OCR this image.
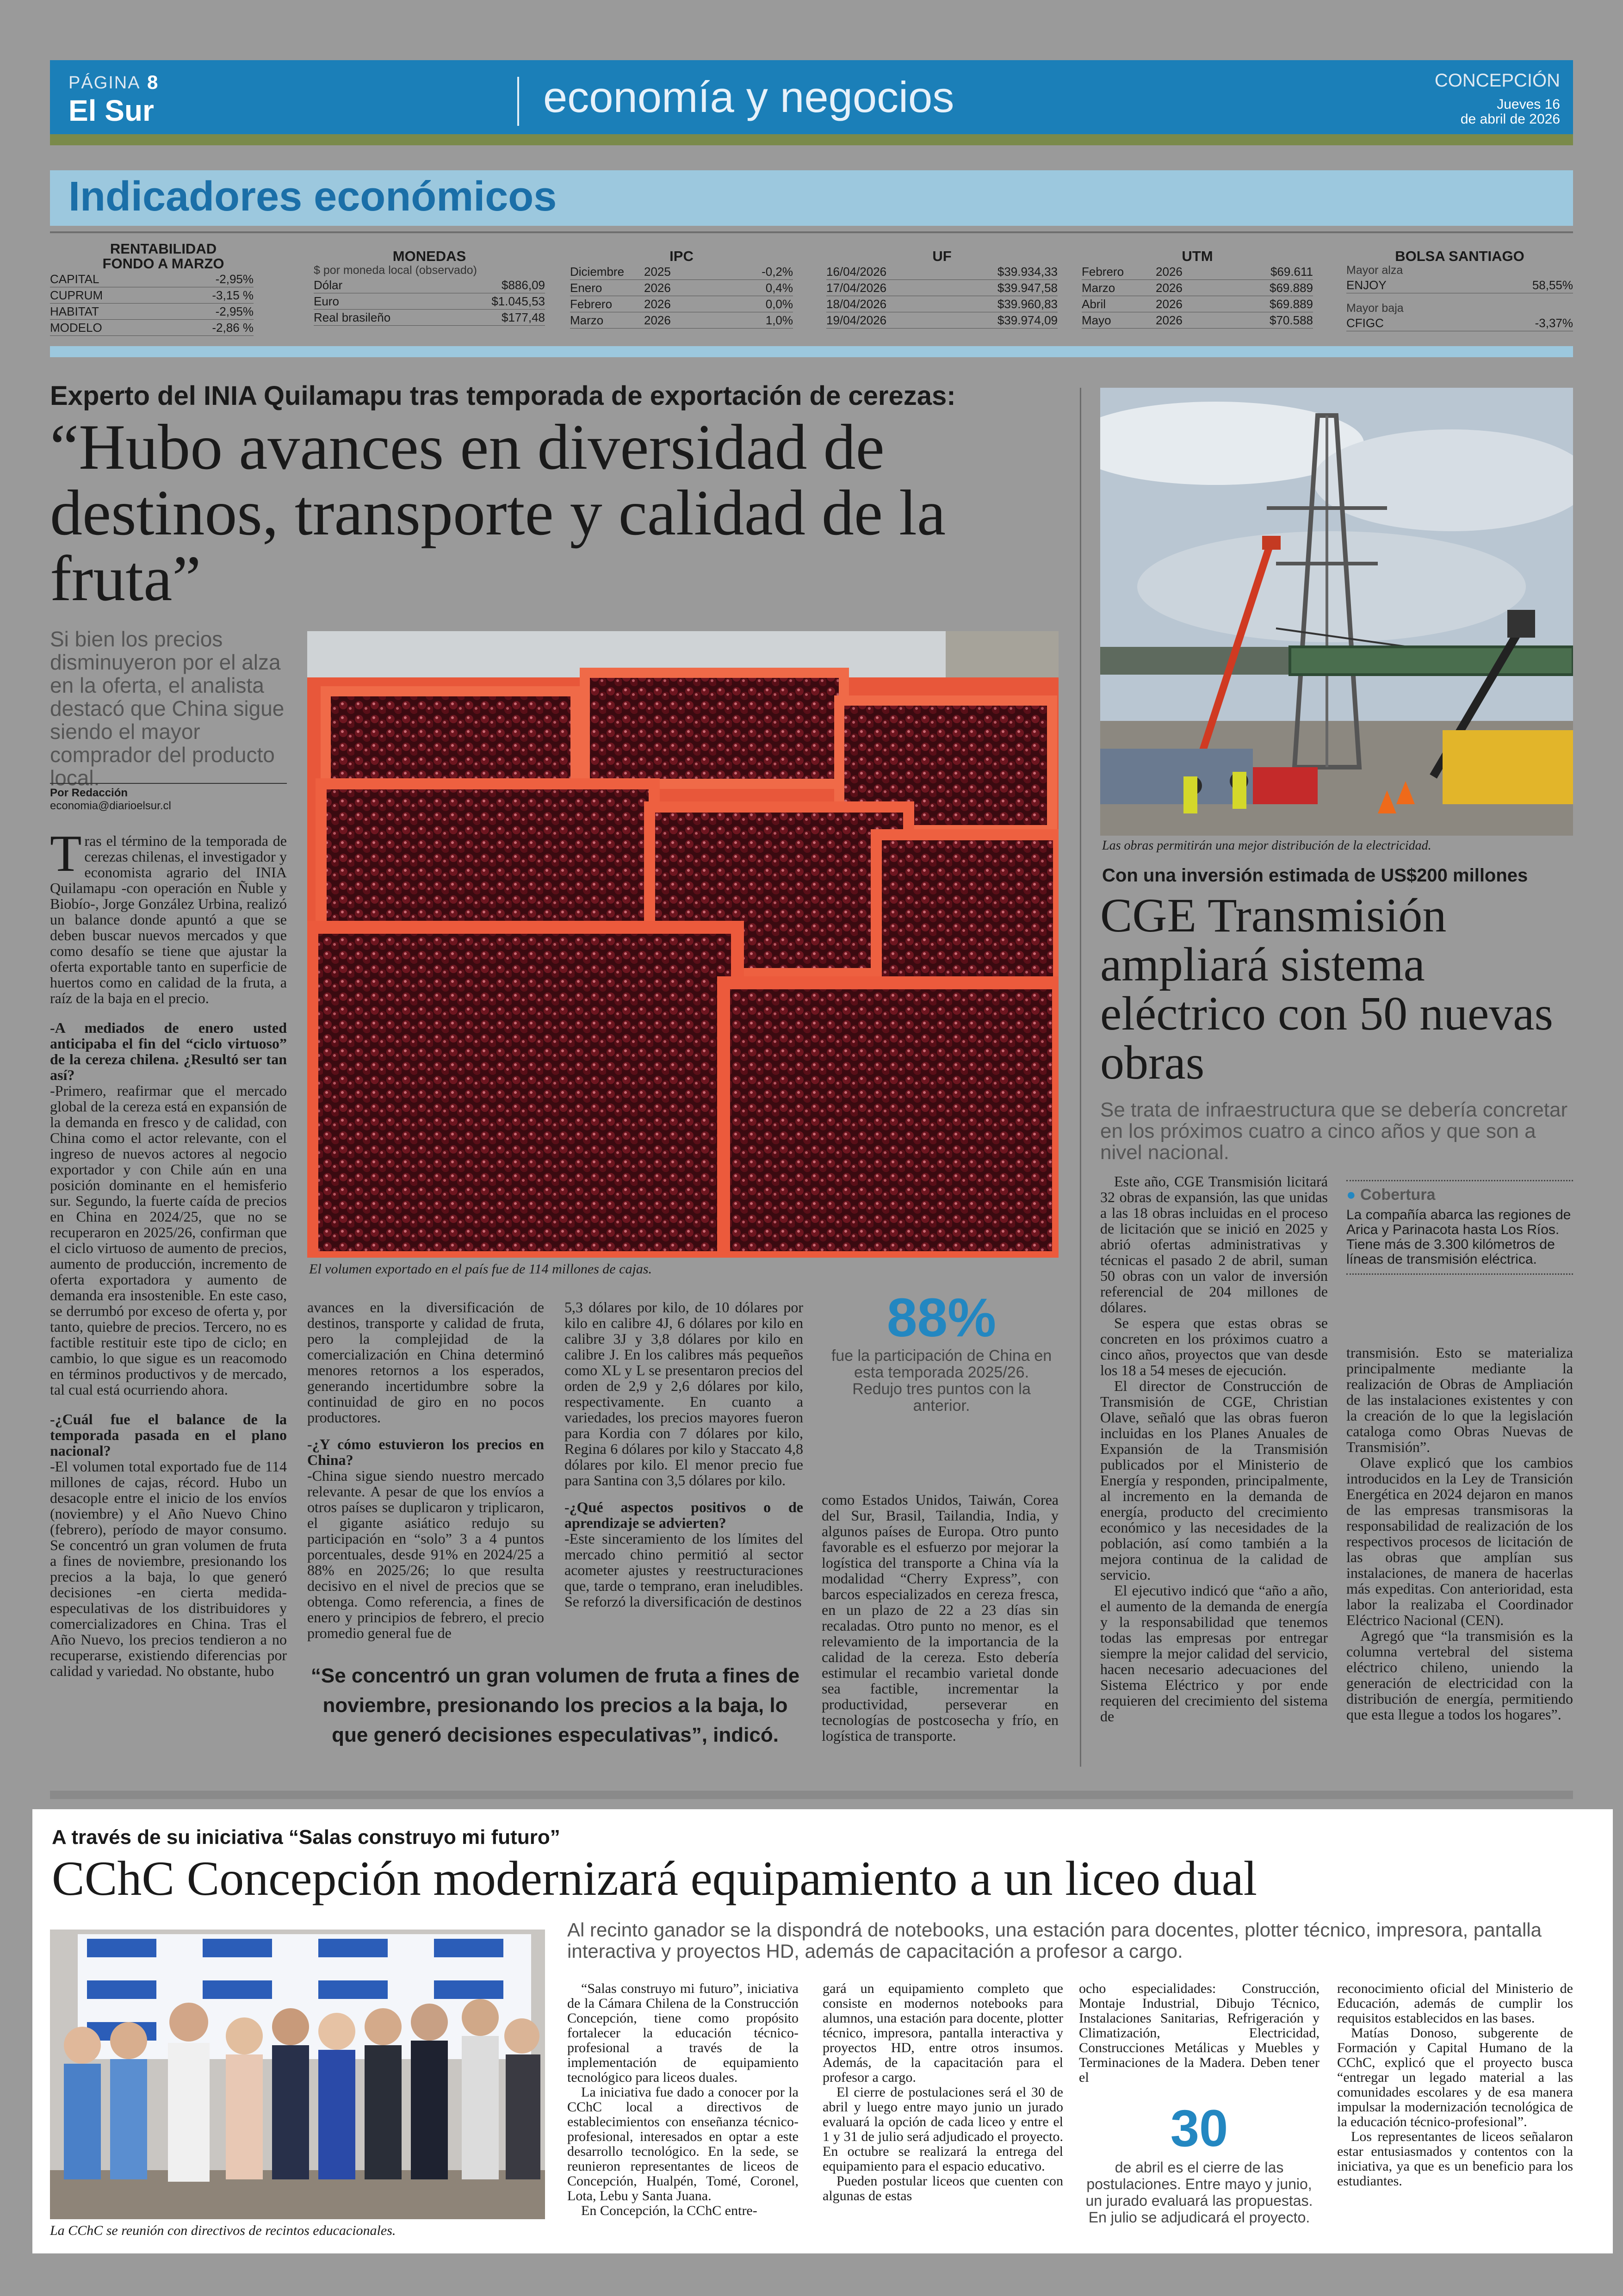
PÁGINA 8
El Sur	economía y negocios	CONCEPCIÓN
Jueves 16
de abril de 2026
Indicadores económicos
RENTABILIDAD FONDO A MARZO
CAPITAL	-2,95%
CUPRUM	-3,15 %
HABITAT	-2,95%
MODELO	-2,86 %
MONEDAS
$ por moneda local (observado)
Dólar	$886,09
Euro	$1.045,53
Real brasileño	$177,48
IPC
Diciembre	2025	-0,2%
Enero	2026	0,4%
Febrero	2026	0,0%
Marzo	2026	1,0%
UF
16/04/2026	$39.934,33
17/04/2026	$39.947,58
18/04/2026	$39.960,83
19/04/2026	$39.974,09
UTM
Febrero	2026	$69.611
Marzo	2026	$69.889
Abril	2026	$69.889
Mayo	2026	$70.588
BOLSA SANTIAGO
Mayor alza
ENJOY	58,55%
Mayor baja
CFIGC	-3,37%
Experto del INIA Quilamapu tras temporada de exportación de cerezas:
“Hubo avances en diversidad de destinos, transporte y calidad de la fruta”
Si bien los precios disminuyeron por el alza en la oferta, el analista destacó que China sigue siendo el mayor comprador del producto local.
Por Redacción
economia@diarioelsur.cl
El volumen exportado en el país fue de 114 millones de cajas.

Tras el término de la temporada de cerezas chilenas, el investigador y economista agrario del INIA Quilamapu -con operación en Ñuble y Biobío-, Jorge González Urbina, realizó un balance donde apuntó a que se deben buscar nuevos mercados y que como desafío se tiene que ajustar la oferta exportable tanto en superficie de huertos como en calidad de la fruta, a raíz de la baja en el precio.

-A mediados de enero usted anticipaba el fin del “ciclo virtuoso” de la cereza chilena. ¿Resultó ser tan así?

-Primero, reafirmar que el mercado global de la cereza está en expansión de la demanda en fresco y de calidad, con China como el actor relevante, con el ingreso de nuevos actores al negocio exportador y con Chile aún en una posición dominante en el hemisferio sur. Segundo, la fuerte caída de precios en China en 2024/25, que no se recuperaron en 2025/26, confirman que el ciclo virtuoso de aumento de precios, aumento de producción, incremento de oferta exportadora y aumento de demanda era insostenible. En este caso, se derrumbó por exceso de oferta y, por tanto, quiebre de precios. Tercero, no es factible restituir este tipo de ciclo; en cambio, lo que sigue es un reacomodo en términos productivos y de mercado, tal cual está ocurriendo ahora.

-¿Cuál fue el balance de la temporada pasada en el plano nacional?

-El volumen total exportado fue de 114 millones de cajas, récord. Hubo un desacople entre el inicio de los envíos (noviembre) y el Año Nuevo Chino (febrero), período de mayor consumo. Se concentró un gran volumen de fruta a fines de noviembre, presionando los precios a la baja, lo que generó decisiones -en cierta medida- especulativas de los distribuidores y comercializadores en China. Tras el Año Nuevo, los precios tendieron a no recuperarse, existiendo diferencias por calidad y variedad. No obstante, hubo

avances en la diversificación de destinos, transporte y calidad de fruta, pero la complejidad de la comercialización en China determinó menores retornos a los esperados, generando incertidumbre sobre la continuidad de giro en no pocos productores.

-¿Y cómo estuvieron los precios en China?

-China sigue siendo nuestro mercado relevante. A pesar de que los envíos a otros países se duplicaron y triplicaron, el gigante asiático redujo su participación en “solo” 3 a 4 puntos porcentuales, desde 91% en 2024/25 a 88% en 2025/26; lo que resulta decisivo en el nivel de precios que se obtenga. Como referencia, a fines de enero y principios de febrero, el precio promedio general fue de

5,3 dólares por kilo, de 10 dólares por kilo en calibre 4J, 6 dólares por kilo en calibre 3J y 3,8 dólares por kilo en calibre J. En los calibres más pequeños como XL y L se presentaron precios del orden de 2,9 y 2,6 dólares por kilo, respectivamente. En cuanto a variedades, los precios mayores fueron para Kordia con 7 dólares por kilo, Regina 6 dólares por kilo y Staccato 4,8 dólares por kilo. El menor precio fue para Santina con 3,5 dólares por kilo.

-¿Qué aspectos positivos o de aprendizaje se advierten?

-Este sinceramiento de los límites del mercado chino permitió al sector acometer ajustes y reestructuraciones que, tarde o temprano, eran ineludibles. Se reforzó la diversificación de destinos

88%
fue la participación de China en esta temporada 2025/26. Redujo tres puntos con la anterior.

como Estados Unidos, Taiwán, Corea del Sur, Brasil, Tailandia, India, y algunos países de Europa. Otro punto favorable es el esfuerzo por mejorar la logística del transporte a China vía la modalidad “Cherry Express”, con barcos especializados en cereza fresca, en un plazo de 22 a 23 días sin recaladas. Otro punto no menor, es el relevamiento de la importancia de la calidad de la cereza. Esto debería estimular el recambio varietal donde sea factible, incrementar la productividad, perseverar en tecnologías de postcosecha y frío, en logística de transporte.

“Se concentró un gran volumen de fruta a fines de noviembre, presionando los precios a la baja, lo que generó decisiones especulativas”, indicó.
Las obras permitirán una mejor distribución de la electricidad.
Con una inversión estimada de US$200 millones
CGE Transmisión ampliará sistema eléctrico con 50 nuevas obras
Se trata de infraestructura que se debería concretar en los próximos cuatro a cinco años y que son a nivel nacional.

Este año, CGE Transmisión licitará 32 obras de expansión, las que unidas a las 18 obras incluidas en el proceso de licitación que se inició en 2025 y abrió ofertas administrativas y técnicas el pasado 2 de abril, suman 50 obras con un valor de inversión referencial de 204 millones de dólares.

Se espera que estas obras se concreten en los próximos cuatro a cinco años, proyectos que van desde los 18 a 54 meses de ejecución.

El director de Construcción de Transmisión de CGE, Christian Olave, señaló que las obras fueron incluidas en los Planes Anuales de Expansión de la Transmisión publicados por el Ministerio de Energía y responden, principalmente, al incremento en la demanda de energía, producto del crecimiento económico y las necesidades de la población, así como también a la mejora continua de la calidad de servicio.

El ejecutivo indicó que “año a año, el aumento de la demanda de energía y la responsabilidad que tenemos todas las empresas por entregar siempre la mejor calidad del servicio, hacen necesario adecuaciones del Sistema Eléctrico y por ende requieren del crecimiento del sistema de

● Cobertura
La compañía abarca las regiones de Arica y Parinacota hasta Los Ríos. Tiene más de 3.300 kilómetros de líneas de transmisión eléctrica.

transmisión. Esto se materializa principalmente mediante la realización de Obras de Ampliación de las instalaciones existentes y con la creación de lo que la legislación cataloga como Obras Nuevas de Transmisión”.

Olave explicó que los cambios introducidos en la Ley de Transición Energética en 2024 dejaron en manos de las empresas transmisoras la responsabilidad de realización de los respectivos procesos de licitación de las obras que amplían sus instalaciones, de manera de hacerlas más expeditas. Con anterioridad, esta labor la realizaba el Coordinador Eléctrico Nacional (CEN).

Agregó que “la transmisión es la columna vertebral del sistema eléctrico chileno, uniendo la generación de electricidad con la distribución de energía, permitiendo que esta llegue a todos los hogares”.

A través de su iniciativa “Salas construyo mi futuro”
CChC Concepción modernizará equipamiento a un liceo dual
Al recinto ganador se la dispondrá de notebooks, una estación para docentes, plotter técnico, impresora, pantalla interactiva y proyectos HD, además de capacitación a profesor a cargo.
La CChC se reunión con directivos de recintos educacionales.

“Salas construyo mi futuro”, iniciativa de la Cámara Chilena de la Construcción Concepción, tiene como propósito fortalecer la educación técnico-profesional a través de la implementación de equipamiento tecnológico para liceos duales.

La iniciativa fue dado a conocer por la CChC local a directivos de establecimientos con enseñanza técnico-profesional, interesados en optar a este desarrollo tecnológico. En la sede, se reunieron representantes de liceos de Concepción, Hualpén, Tomé, Coronel, Lota, Lebu y Santa Juana.

En Concepción, la CChC entre-

gará un equipamiento completo que consiste en modernos notebooks para alumnos, una estación para docente, plotter técnico, impresora, pantalla interactiva y proyectos HD, entre otros insumos. Además, de la capacitación para el profesor a cargo.

El cierre de postulaciones será el 30 de abril y luego entre mayo junio un jurado evaluará la opción de cada liceo y entre el 1 y 31 de julio será adjudicado el proyecto. En octubre se realizará la entrega del equipamiento para el espacio educativo.

Pueden postular liceos que cuenten con algunas de estas

ocho especialidades: Construcción, Montaje Industrial, Dibujo Técnico, Instalaciones Sanitarias, Refrigeración y Climatización, Electricidad, Construcciones Metálicas y Muebles y Terminaciones de la Madera. Deben tener el

30
de abril es el cierre de las postulaciones. Entre mayo y junio, un jurado evaluará las propuestas. En julio se adjudicará el proyecto.

reconocimiento oficial del Ministerio de Educación, además de cumplir los requisitos establecidos en las bases.

Matías Donoso, subgerente de Formación y Capital Humano de la CChC, explicó que el proyecto busca “entregar un legado material a las comunidades escolares y de esa manera impulsar la modernización tecnológica de la educación técnico-profesional”.

Los representantes de liceos señalaron estar entusiasmados y contentos con la iniciativa, ya que es un beneficio para los estudiantes.
